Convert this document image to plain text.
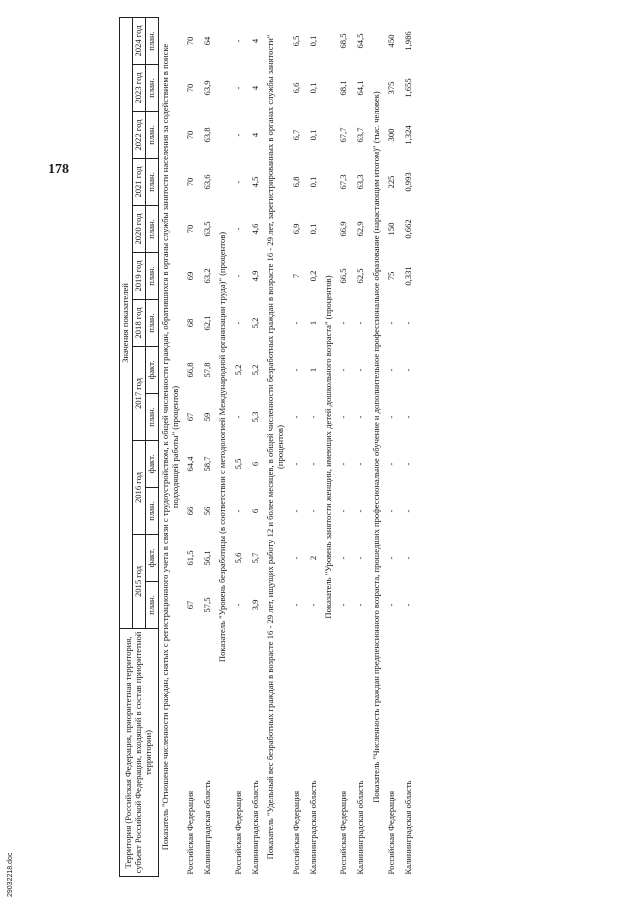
178
29032218.doc
Территория (Российская Федерация, приоритетная территория, субъект Российской Федерации, входящий в состав приоритетной территории)	Значения показателей												
	2015 год		2016 год		2017 год		2018 год	2019 год	2020 год	2021 год	2022 год	2023 год	2024 год
	план.	факт.	план.	факт.	план.	факт.	план.	план.	план.	план.	план.	план.	план.
Показатель "Отношение численности граждан, снятых с регистрационного учета в связи с трудоустройством, к общей численности граждан, обратившихся в органы службы занятости населения за содействием в поиске подходящей работы" (процентов)													
Российская Федерация	67	61,5	66	64,4	67	66,8	68	69	70	70	70	70	70
Калининградская область	57,5	56,1	56	58,7	59	57,8	62,1	63,2	63,5	63,6	63,8	63,9	64
Показатель "Уровень безработицы (в соответствии с методологией Международной организации труда)" (процентов)													
Российская Федерация	-	5,6	-	5,5	-	5,2	-	-	-	-	-	-	-
Калининградская область	3,9	5,7	6	6	5,3	5,2	5,2	4,9	4,6	4,5	4	4	4
Показатель "Удельный вес безработных граждан в возрасте 16 - 29 лет, ищущих работу 12 и более месяцев, в общей численности безработных граждан в возрасте 16 - 29 лет, зарегистрированных в органах службы занятости" (процентов)													
Российская Федерация	-	-	-	-	-	-	-	7	6,9	6,8	6,7	6,6	6,5
Калининградская область	-	2	-	-	-	1	1	0,2	0,1	0,1	0,1	0,1	0,1
Показатель "Уровень занятости женщин, имеющих детей дошкольного возраста" (процентов)													
Российская Федерация	-	-	-	-	-	-	-	66,5	66,9	67,3	67,7	68,1	68,5
Калининградская область	-	-	-	-	-	-	-	62,5	62,9	63,3	63,7	64,1	64,5
Показатель "Численность граждан предпенсионного возраста, прошедших профессиональное обучение и дополнительное профессиональное образование (нарастающим итогом)" (тыс. человек)													
Российская Федерация	-	-	-	-	-	-	-	75	150	225	300	375	450
Калининградская область	-	-	-	-	-	-	-	0,331	0,662	0,993	1,324	1,655	1,986
